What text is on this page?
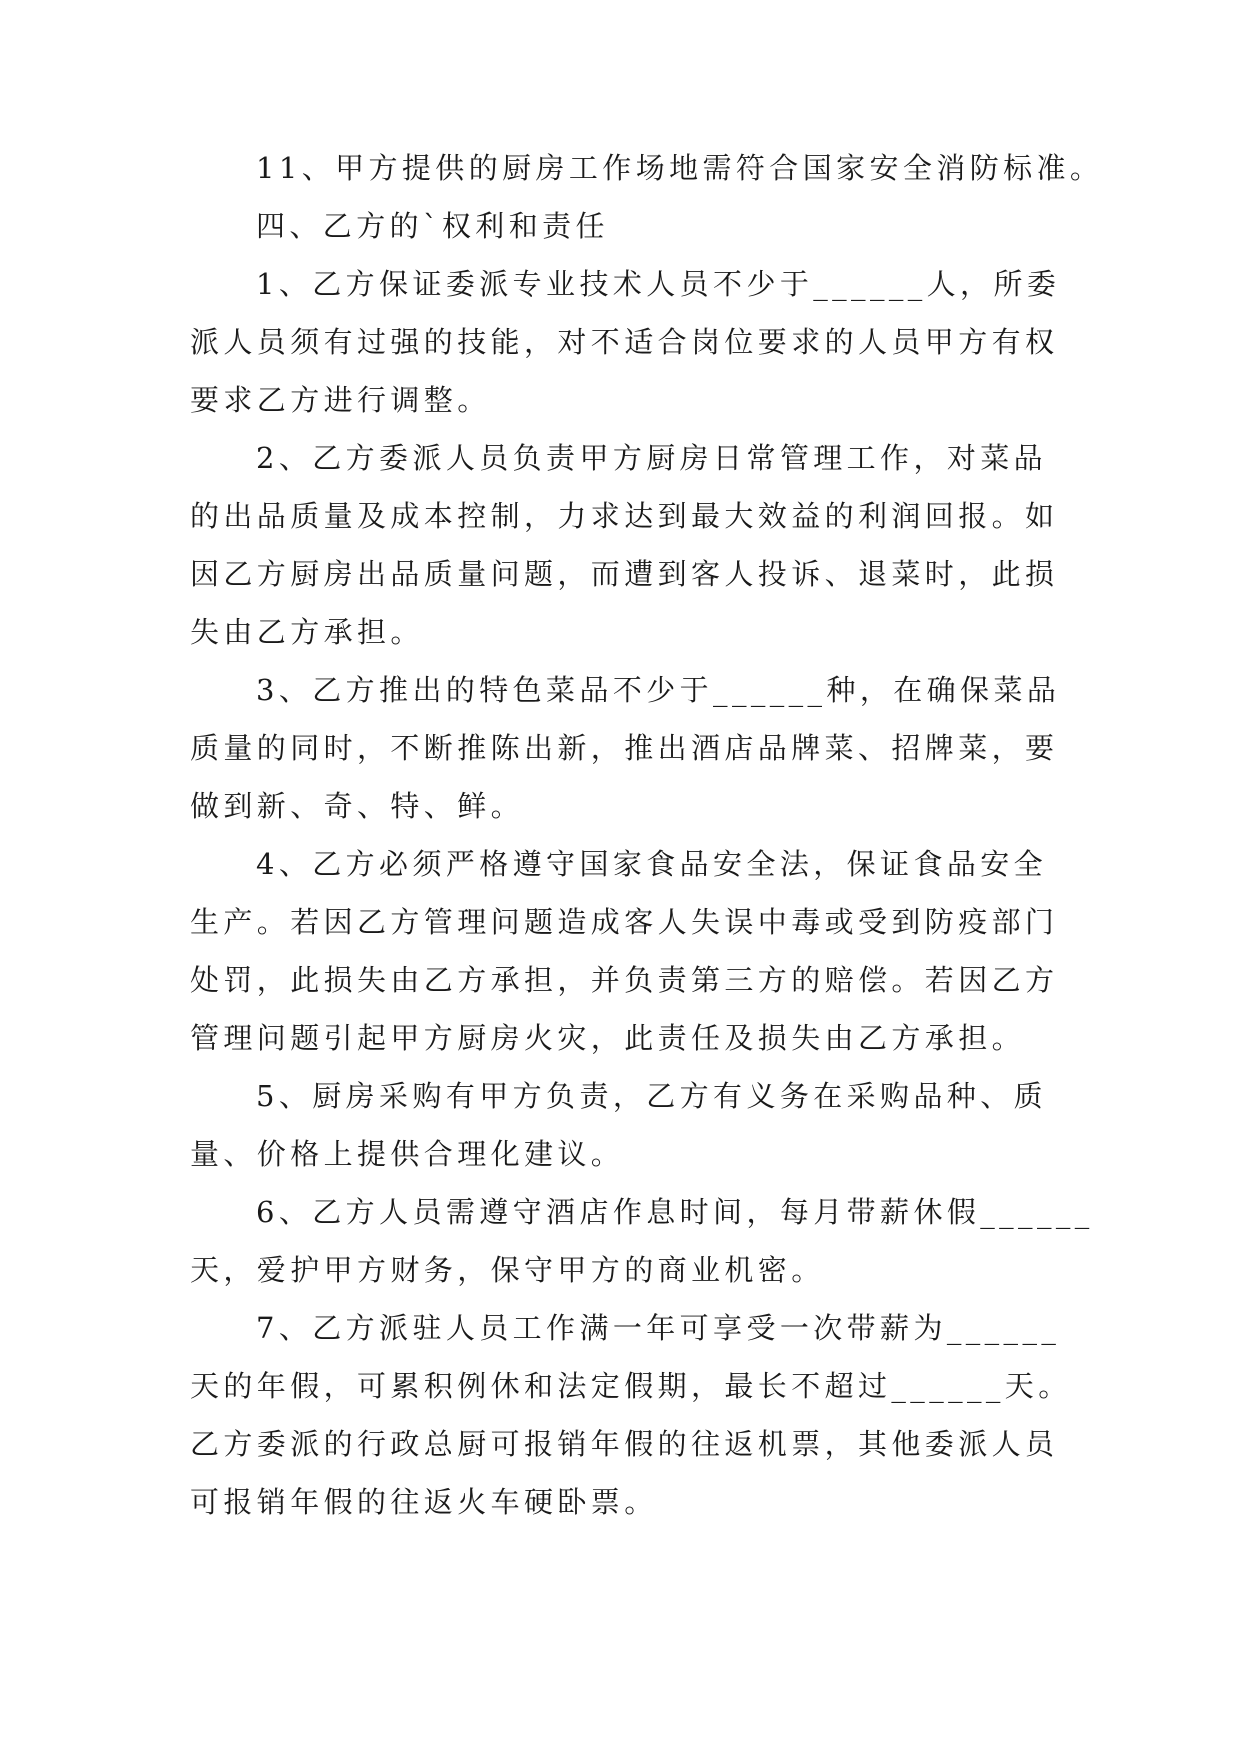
11、甲方提供的厨房工作场地需符合国家安全消防标准。
四、乙方的`权利和责任
1、乙方保证委派专业技术人员不少于______人，所委
派人员须有过强的技能，对不适合岗位要求的人员甲方有权
要求乙方进行调整。
2、乙方委派人员负责甲方厨房日常管理工作，对菜品
的出品质量及成本控制，力求达到最大效益的利润回报。如
因乙方厨房出品质量问题，而遭到客人投诉、退菜时，此损
失由乙方承担。
3、乙方推出的特色菜品不少于______种，在确保菜品
质量的同时，不断推陈出新，推出酒店品牌菜、招牌菜，要
做到新、奇、特、鲜。
4、乙方必须严格遵守国家食品安全法，保证食品安全
生产。若因乙方管理问题造成客人失误中毒或受到防疫部门
处罚，此损失由乙方承担，并负责第三方的赔偿。若因乙方
管理问题引起甲方厨房火灾，此责任及损失由乙方承担。
5、厨房采购有甲方负责，乙方有义务在采购品种、质
量、价格上提供合理化建议。
6、乙方人员需遵守酒店作息时间，每月带薪休假______
天，爱护甲方财务，保守甲方的商业机密。
7、乙方派驻人员工作满一年可享受一次带薪为______
天的年假，可累积例休和法定假期，最长不超过______天。
乙方委派的行政总厨可报销年假的往返机票，其他委派人员
可报销年假的往返火车硬卧票。
